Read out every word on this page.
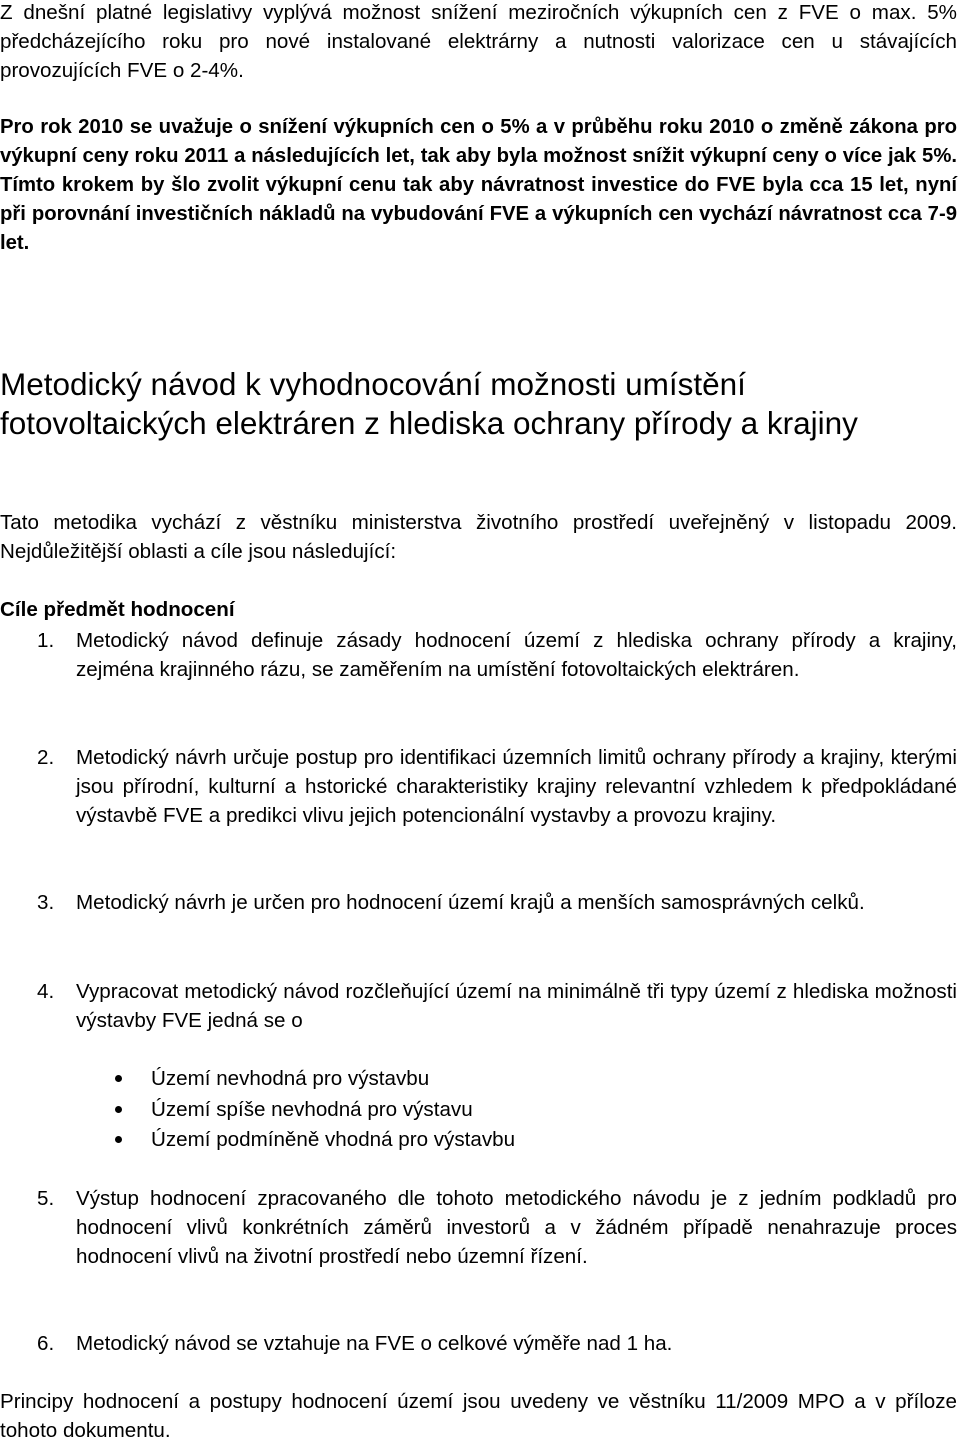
Z dnešní platné legislativy vyplývá možnost snížení meziročních výkupních cen z FVE o max. 5% předcházejícího roku pro nové instalované elektrárny a nutnosti valorizace cen u stávajících provozujících FVE o 2-4%.

Pro rok 2010 se uvažuje o snížení výkupních cen o 5% a v průběhu roku 2010 o změně zákona pro výkupní ceny roku 2011 a následujících let, tak aby byla možnost snížit výkupní ceny o více jak 5%. Tímto krokem by šlo zvolit výkupní cenu tak aby návratnost investice do FVE byla cca 15 let, nyní při porovnání investičních nákladů na vybudování FVE a výkupních cen vychází návratnost cca 7-9 let.

Metodický návod k vyhodnocování možnosti umístění fotovoltaických elektráren z hlediska ochrany přírody a krajiny

Tato metodika vychází z věstníku ministerstva životního prostředí uveřejněný v listopadu 2009. Nejdůležitější oblasti a cíle jsou následující:

Cíle předmět hodnocení
1. Metodický návod definuje zásady hodnocení území z hlediska ochrany přírody a krajiny, zejména krajinného rázu, se zaměřením na umístění fotovoltaických elektráren.

2. Metodický návrh určuje postup pro identifikaci územních limitů ochrany přírody a krajiny, kterými jsou přírodní, kulturní a hstorické charakteristiky krajiny relevantní vzhledem k předpokládané výstavbě FVE a predikci vlivu jejich potencionální vystavby a provozu krajiny.

3. Metodický návrh je určen pro hodnocení území krajů a menších samosprávných celků.

4. Vypracovat metodický návod rozčleňující území na minimálně tři typy území z hlediska možnosti výstavby FVE jedná se o

Území nevhodná pro výstavbu
Území spíše nevhodná pro výstavu
Území podmíněně vhodná pro výstavbu
5. Výstup hodnocení zpracovaného dle tohoto metodického návodu je z jedním podkladů pro hodnocení vlivů konkrétních záměrů investorů a v žádném případě nenahrazuje proces hodnocení vlivů na životní prostředí nebo územní řízení.

6. Metodický návod se vztahuje na FVE o celkové výměře nad 1 ha.

Principy hodnocení a postupy hodnocení území jsou uvedeny ve věstníku 11/2009 MPO a v příloze tohoto dokumentu.
